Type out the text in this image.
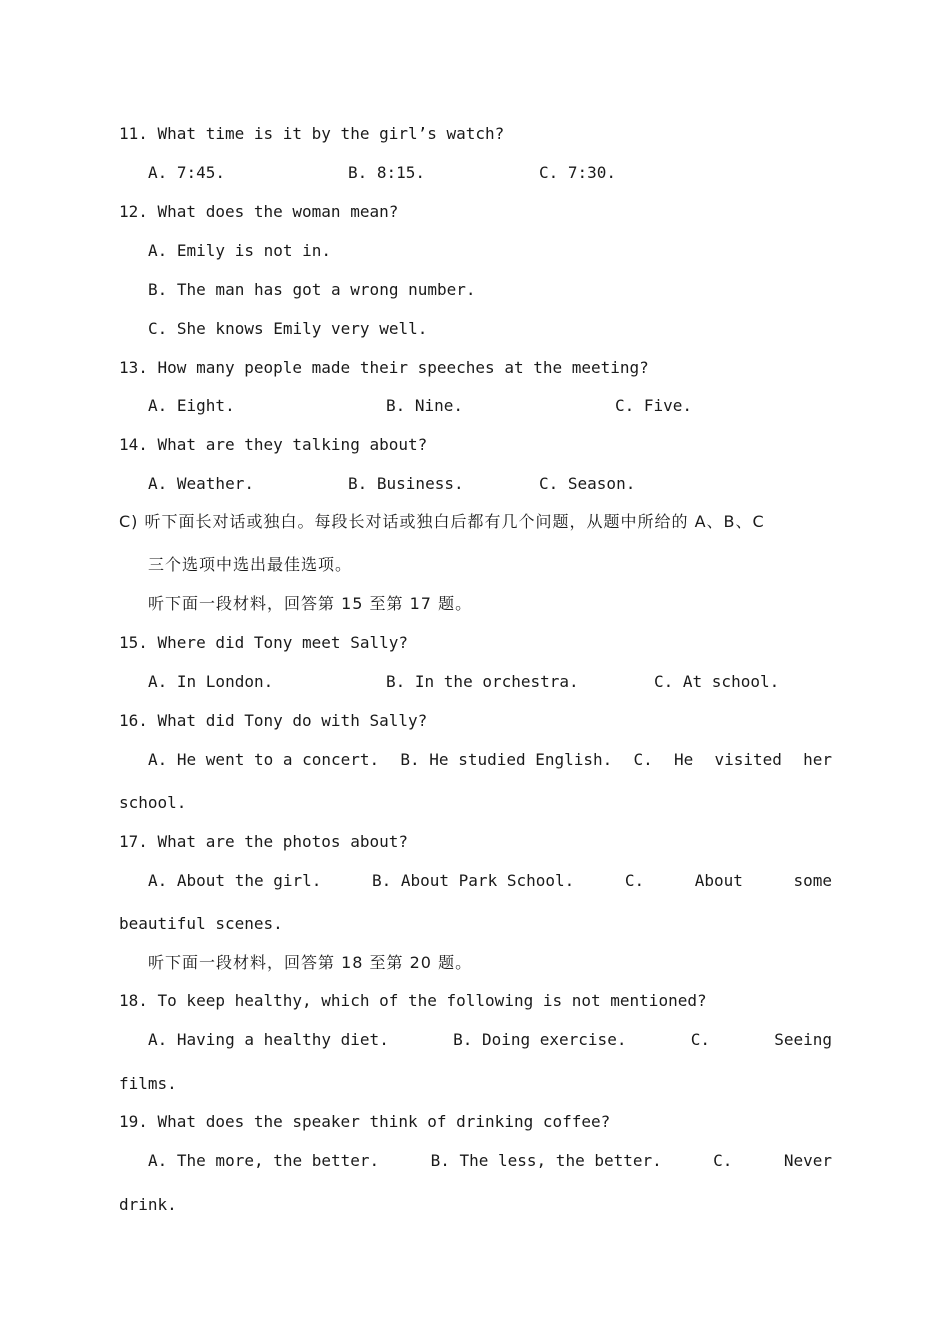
11. What time is it by the girl’s watch?
A. 7:45.	B. 8:15.	C. 7:30.
12. What does the woman mean?
A. Emily is not in.
B. The man has got a wrong number.
C. She knows Emily very well.
13. How many people made their speeches at the meeting?
A. Eight.	B. Nine.	C. Five.
14. What are they talking about?
A. Weather.	B. Business.	C. Season.
C) 听下面长对话或独白。每段长对话或独白后都有几个问题，从题中所给的 A、B、C
三个选项中选出最佳选项。
听下面一段材料，回答第 15 至第 17 题。
15. Where did Tony meet Sally?
A. In London.	B. In the orchestra.	C. At school.
16. What did Tony do with Sally?
A. He went to a concert. B. He studied English. C. He visited her
school.
17. What are the photos about?
A. About the girl.	B. About Park School.	C.	About	some
beautiful scenes.
听下面一段材料，回答第 18 至第 20 题。
18. To keep healthy, which of the following is not mentioned?
A. Having a healthy diet.	B. Doing exercise.	C.	Seeing
films.
19. What does the speaker think of drinking coffee?
A. The more, the better.	B. The less, the better.	C.	Never
drink.
